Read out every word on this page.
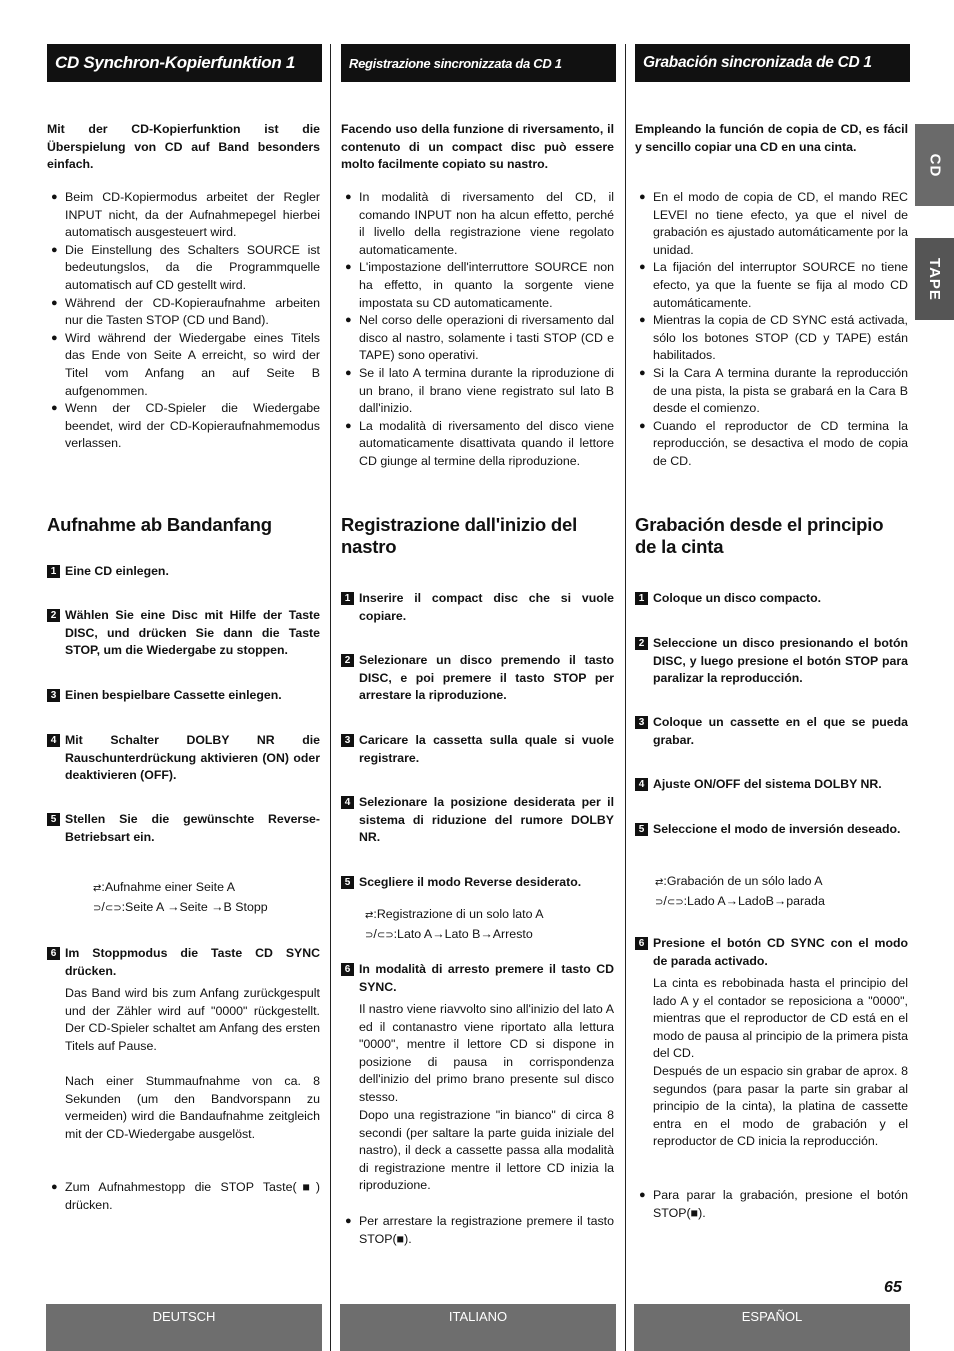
CD Synchron-Kopierfunktion 1
Mit der CD-Kopierfunktion ist die Überspielung von CD auf Band besonders einfach.
● Beim CD-Kopiermodus arbeitet der Regler INPUT nicht, da der Aufnahmepegel hierbei automatisch ausgesteuert wird.
● Die Einstellung des Schalters SOURCE ist bedeutungslos, da die Programmquelle automatisch auf CD gestellt wird.
● Während der CD-Kopieraufnahme arbeiten nur die Tasten STOP (CD und Band).
● Wird während der Wiedergabe eines Titels das Ende von Seite A erreicht, so wird der Titel vom Anfang an auf Seite B aufgenommen.
● Wenn der CD-Spieler die Wiedergabe beendet, wird der CD-Kopieraufnahmemodus verlassen.
Aufnahme ab Bandanfang
1 Eine CD einlegen.
2 Wählen Sie eine Disc mit Hilfe der Taste DISC, und drücken Sie dann die Taste STOP, um die Wiedergabe zu stoppen.
3 Einen bespielbare Cassette einlegen.
4 Mit Schalter DOLBY NR die Rauschunterdrückung aktivieren (ON) oder deaktivieren (OFF).
5 Stellen Sie die gewünschte Reverse-Betriebsart ein.
⇄:Aufnahme einer Seite A
⊃/⊂⊃:Seite A →Seite →B Stopp
6 Im Stoppmodus die Taste CD SYNC drücken.
Das Band wird bis zum Anfang zurückgespult und der Zähler wird auf "0000" rückgestellt. Der CD-Spieler schaltet am Anfang des ersten Titels auf Pause.
Nach einer Stummaufnahme von ca. 8 Sekunden (um den Bandvorspann zu vermeiden) wird die Bandaufnahme zeitgleich mit der CD-Wiedergabe ausgelöst.
● Zum Aufnahmestopp die STOP Taste(■) drücken.
Registrazione sincronizzata da CD 1
Facendo uso della funzione di riversamento, il contenuto di un compact disc può essere molto facilmente copiato su nastro.
● In modalità di riversamento del CD, il comando INPUT non ha alcun effetto, perché il livello della registrazione viene regolato automaticamente.
● L'impostazione dell'interruttore SOURCE non ha effetto, in quanto la sorgente viene impostata su CD automaticamente.
● Nel corso delle operazioni di riversamento dal disco al nastro, solamente i tasti STOP (CD e TAPE) sono operativi.
● Se il lato A termina durante la riproduzione di un brano, il brano viene registrato sul lato B dall'inizio.
● La modalità di riversamento del disco viene automaticamente disattivata quando il lettore CD giunge al termine della riproduzione.
Registrazione dall'inizio del nastro
1 Inserire il compact disc che si vuole copiare.
2 Selezionare un disco premendo il tasto DISC, e poi premere il tasto STOP per arrestare la riproduzione.
3 Caricare la cassetta sulla quale si vuole registrare.
4 Selezionare la posizione desiderata per il sistema di riduzione del rumore DOLBY NR.
5 Scegliere il modo Reverse desiderato.
⇄:Registrazione di un solo lato A
⊃/⊂⊃:Lato A→Lato B→Arresto
6 In modalità di arresto premere il tasto CD SYNC.
Il nastro viene riavvolto sino all'inizio del lato A ed il contanastro viene riportato alla lettura "0000", mentre il lettore CD si dispone in posizione di pausa in corrispondenza dell'inizio del primo brano presente sul disco stesso.
Dopo una registrazione "in bianco" di circa 8 secondi (per saltare la parte guida iniziale del nastro), il deck a cassette passa alla modalità di registrazione mentre il lettore CD inizia la riproduzione.
● Per arrestare la registrazione premere il tasto STOP(■).
Grabación sincronizada de CD 1
Empleando la función de copia de CD, es fácil y sencillo copiar una CD en una cinta.
● En el modo de copia de CD, el mando REC LEVEl no tiene efecto, ya que el nivel de grabación es ajustado automáticamente por la unidad.
● La fijación del interruptor SOURCE no tiene efecto, ya que la fuente se fija al modo CD automáticamente.
● Mientras la copia de CD SYNC está activada, sólo los botones STOP (CD y TAPE) están habilitados.
● Si la Cara A termina durante la reproducción de una pista, la pista se grabará en la Cara B desde el comienzo.
● Cuando el reproductor de CD termina la reproducción, se desactiva el modo de copia de CD.
Grabación desde el principio de la cinta
1 Coloque un disco compacto.
2 Seleccione un disco presionando el botón DISC, y luego presione el botón STOP para paralizar la reproducción.
3 Coloque un cassette en el que se pueda grabar.
4 Ajuste ON/OFF del sistema DOLBY NR.
5 Seleccione el modo de inversión deseado.
⇄:Grabación de un sólo lado A
⊃/⊂⊃:Lado A→LadoB→parada
6 Presione el botón CD SYNC con el modo de parada activado.
La cinta es rebobinada hasta el principio del lado A y el contador se reposiciona a "0000", mientras que el reproductor de CD está en el modo de pausa al principio de la primera pista del CD.
Después de un espacio sin grabar de aprox. 8 segundos (para pasar la parte sin grabar al principio de la cinta), la platina de cassette entra en el modo de grabación y el reproductor de CD inicia la reproducción.
● Para parar la grabación, presione el botón STOP(■).
CD
TAPE
65
DEUTSCH	ITALIANO	ESPAÑOL
